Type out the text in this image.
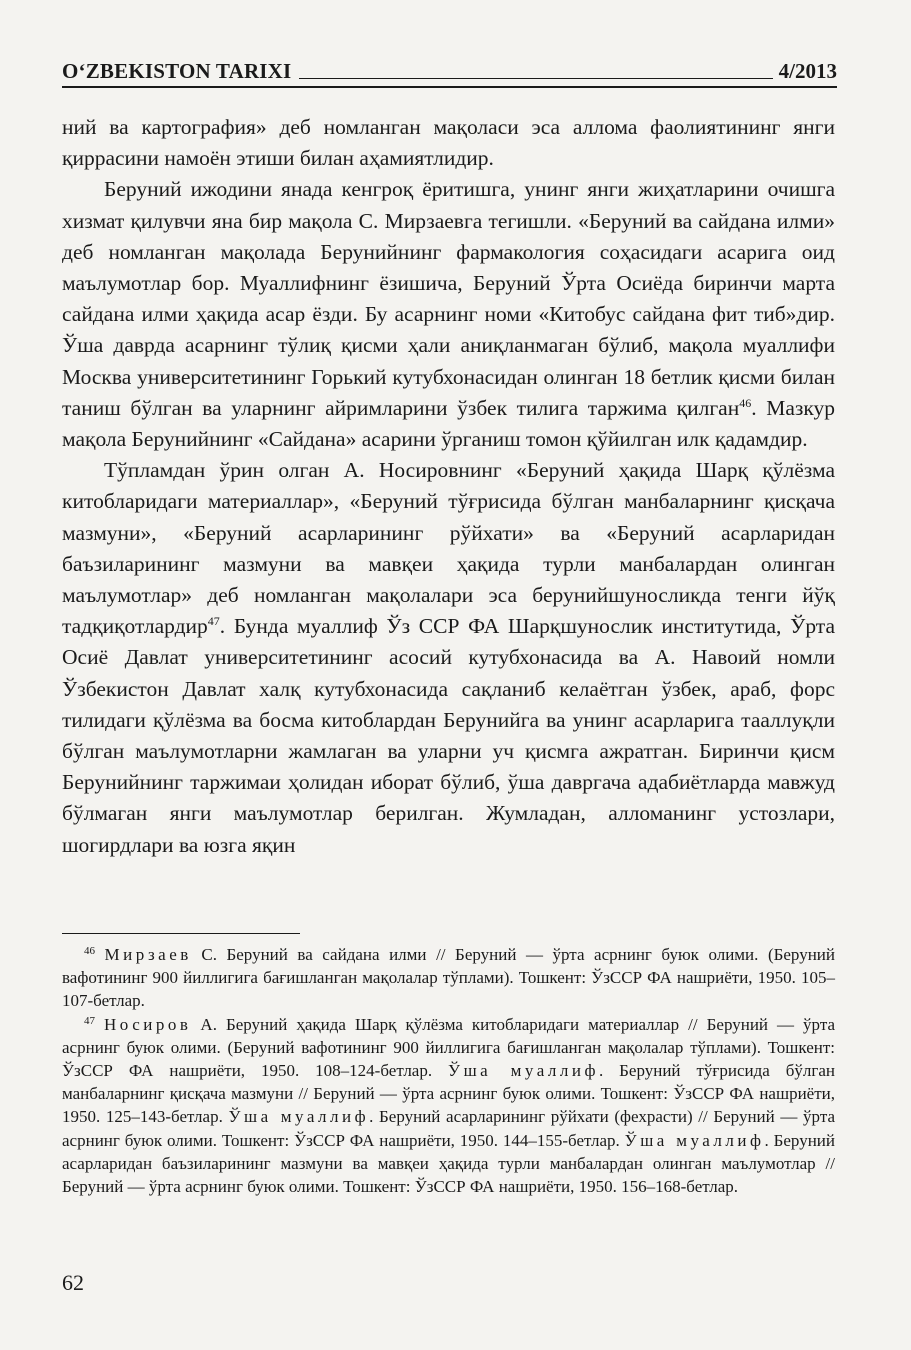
O‘ZBEKISTON TARIXI	4/2013

ний ва картография» деб номланган мақоласи эса аллома фаолиятининг янги қиррасини намоён этиши билан аҳамиятлидир.

Беруний ижодини янада кенгроқ ёритишга, унинг янги жиҳатларини очишга хизмат қилувчи яна бир мақола С. Мирзаевга тегишли. «Беруний ва сайдана илми» деб номланган мақолада Берунийнинг фармакология соҳасидаги асарига оид маълумотлар бор. Муаллифнинг ёзишича, Беруний Ўрта Осиёда биринчи марта сайдана илми ҳақида асар ёзди. Бу асарнинг номи «Китобус сайдана фит тиб»дир. Ўша даврда асарнинг тўлиқ қисми ҳали аниқланмаган бўлиб, мақола муаллифи Москва университетининг Горький кутубхонасидан олинган 18 бетлик қисми билан таниш бўлган ва уларнинг айримларини ўзбек тилига таржима қилган$^{46}$. Мазкур мақола Берунийнинг «Сайдана» асарини ўрганиш томон қўйилган илк қадамдир.

Тўпламдан ўрин олган А. Носировнинг «Беруний ҳақида Шарқ қўлёзма китобларидаги материаллар», «Беруний тўғрисида бўлган манбаларнинг қисқача мазмуни», «Беруний асарларининг рўйхати» ва «Беруний асарларидан баъзиларининг мазмуни ва мавқеи ҳақида турли манбалардан олинган маълумотлар» деб номланган мақолалари эса берунийшуносликда тенги йўқ тадқиқотлардир$^{47}$. Бунда муаллиф Ўз ССР ФА Шарқшунослик институтида, Ўрта Осиё Давлат университетининг асосий кутубхонасида ва А. Навоий номли Ўзбекистон Давлат халқ кутубхонасида сақланиб келаётган ўзбек, араб, форс тилидаги қўлёзма ва босма китоблардан Берунийга ва унинг асарларига тааллуқли бўлган маълумотларни жамлаган ва уларни уч қисмга ажратган. Биринчи қисм Берунийнинг таржимаи ҳолидан иборат бўлиб, ўша давргача адабиётларда мавжуд бўлмаган янги маълумотлар берилган. Жумладан, алломанинг устозлари, шогирдлари ва юзга яқин

$^{46}$ Мирзаев С. Беруний ва сайдана илми // Беруний — ўрта асрнинг буюк олими. (Беруний вафотининг 900 йиллигига бағишланган мақолалар тўплами). Тошкент: ЎзССР ФА нашриёти, 1950. 105–107-бетлар.

$^{47}$ Носиров А. Беруний ҳақида Шарқ қўлёзма китобларидаги материаллар // Беруний — ўрта асрнинг буюк олими. (Беруний вафотининг 900 йиллигига бағишланган мақолалар тўплами). Тошкент: ЎзССР ФА нашриёти, 1950. 108–124-бетлар. Ўша муаллиф. Беруний тўғрисида бўлган манбаларнинг қисқача мазмуни // Беруний — ўрта асрнинг буюк олими. Тошкент: ЎзССР ФА нашриёти, 1950. 125–143-бетлар. Ўша муаллиф. Беруний асарларининг рўйхати (фехрасти) // Беруний — ўрта асрнинг буюк олими. Тошкент: ЎзССР ФА нашриёти, 1950. 144–155-бетлар. Ўша муаллиф. Беруний асарларидан баъзиларининг мазмуни ва мавқеи ҳақида турли манбалардан олинган маълумотлар // Беруний — ўрта асрнинг буюк олими. Тошкент: ЎзССР ФА нашриёти, 1950. 156–168-бетлар.

62
